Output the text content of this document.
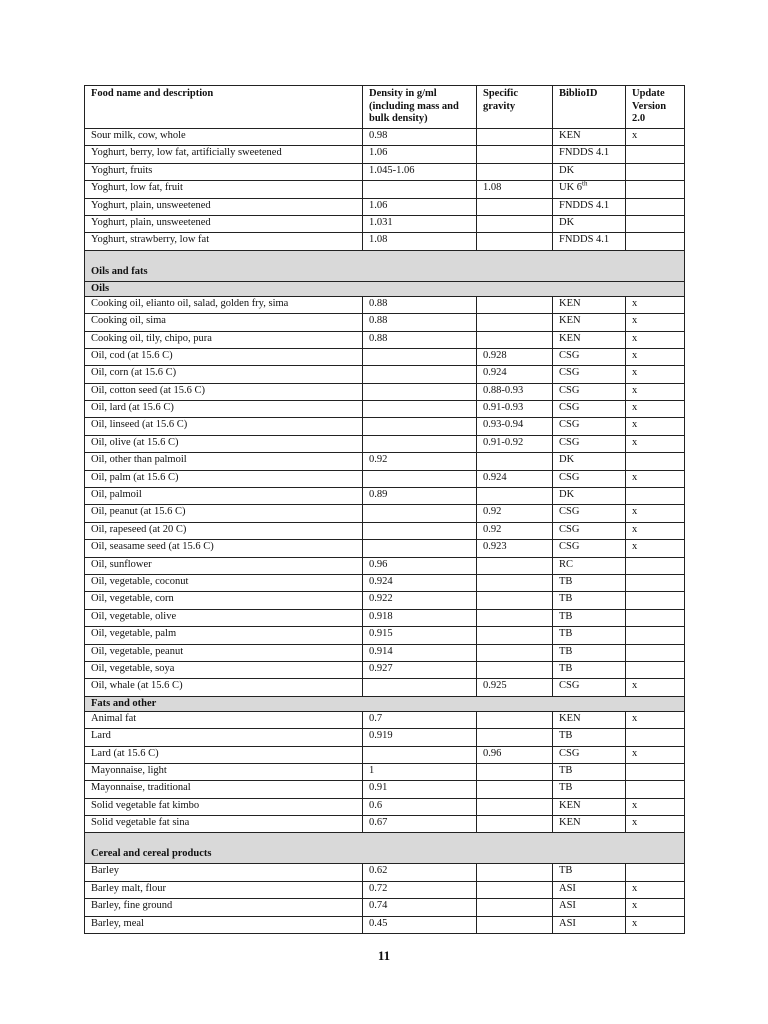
Food name and description	Density in g/ml (including mass and bulk density)	Specific gravity	BiblioID	Update Version 2.0
Sour milk, cow, whole	0.98		KEN	x
Yoghurt, berry, low fat, artificially sweetened	1.06		FNDDS 4.1	
Yoghurt, fruits	1.045-1.06		DK	
Yoghurt, low fat, fruit		1.08	UK 6th	
Yoghurt, plain, unsweetened	1.06		FNDDS 4.1	
Yoghurt, plain, unsweetened	1.031		DK	
Yoghurt, strawberry, low fat	1.08		FNDDS 4.1	
Oils and fats				
Oils				
Cooking oil, elianto oil, salad, golden fry, sima	0.88		KEN	x
Cooking oil, sima	0.88		KEN	x
Cooking oil, tily, chipo, pura	0.88		KEN	x
Oil, cod (at 15.6 C)		0.928	CSG	x
Oil, corn (at 15.6 C)		0.924	CSG	x
Oil, cotton seed (at 15.6 C)		0.88-0.93	CSG	x
Oil, lard (at 15.6 C)		0.91-0.93	CSG	x
Oil, linseed (at 15.6 C)		0.93-0.94	CSG	x
Oil, olive (at 15.6 C)		0.91-0.92	CSG	x
Oil, other than palmoil	0.92		DK	
Oil, palm (at 15.6 C)		0.924	CSG	x
Oil, palmoil	0.89		DK	
Oil, peanut (at 15.6 C)		0.92	CSG	x
Oil, rapeseed (at 20 C)		0.92	CSG	x
Oil, seasame seed (at 15.6 C)		0.923	CSG	x
Oil, sunflower	0.96		RC	
Oil, vegetable, coconut	0.924		TB	
Oil, vegetable, corn	0.922		TB	
Oil, vegetable, olive	0.918		TB	
Oil, vegetable, palm	0.915		TB	
Oil, vegetable, peanut	0.914		TB	
Oil, vegetable, soya	0.927		TB	
Oil, whale (at 15.6 C)		0.925	CSG	x
Fats and other				
Animal fat	0.7		KEN	x
Lard	0.919		TB	
Lard (at 15.6 C)		0.96	CSG	x
Mayonnaise, light	1		TB	
Mayonnaise, traditional	0.91		TB	
Solid vegetable fat kimbo	0.6		KEN	x
Solid vegetable fat sina	0.67		KEN	x
Cereal and cereal products				
Barley	0.62		TB	
Barley malt, flour	0.72		ASI	x
Barley, fine ground	0.74		ASI	x
Barley, meal	0.45		ASI	x
11
